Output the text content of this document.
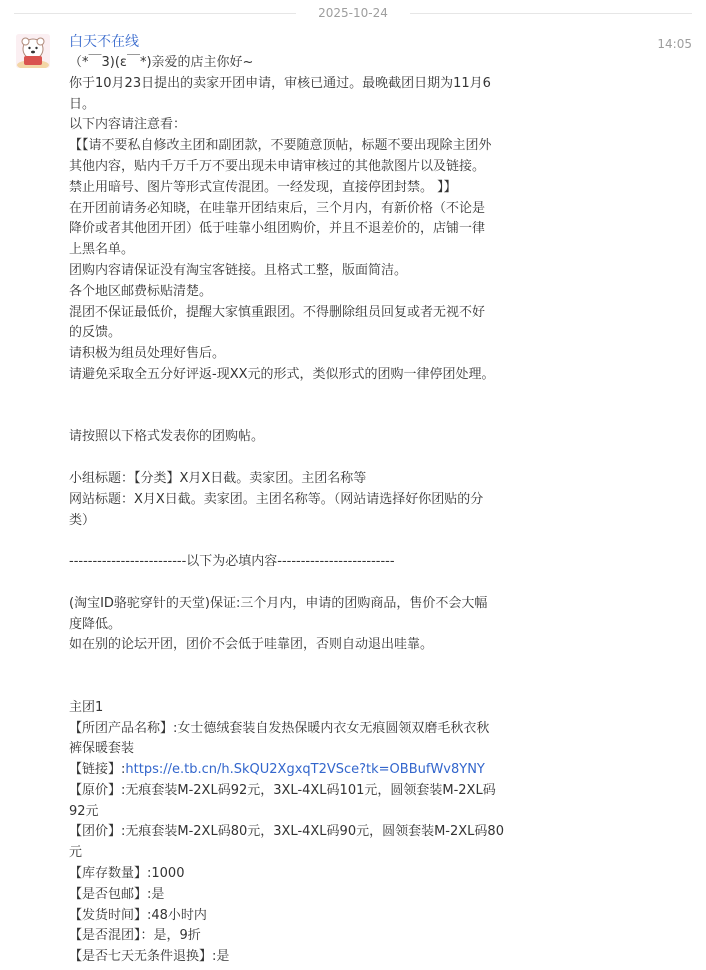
2025-10-24
白天不在线	14:05
（*￣3)(ε￣*)亲爱的店主你好~
你于10月23日提出的卖家开团申请，审核已通过。最晚截团日期为11月6
日。
以下内容请注意看：
【【请不要私自修改主团和副团款，不要随意顶帖，标题不要出现除主团外
其他内容，贴内千万千万不要出现未申请审核过的其他款图片以及链接。
禁止用暗号、图片等形式宣传混团。一经发现，直接停团封禁。 】】
在开团前请务必知晓，在哇靠开团结束后，三个月内，有新价格（不论是
降价或者其他团开团）低于哇靠小组团购价，并且不退差价的，店铺一律
上黑名单。
团购内容请保证没有淘宝客链接。且格式工整，版面简洁。
各个地区邮费标贴清楚。
混团不保证最低价，提醒大家慎重跟团。不得删除组员回复或者无视不好
的反馈。
请积极为组员处理好售后。
请避免采取全五分好评返-现XX元的形式，类似形式的团购一律停团处理。
请按照以下格式发表你的团购帖。
小组标题：【分类】X月X日截。卖家团。主团名称等
网站标题：X月X日截。卖家团。主团名称等。（网站请选择好你团贴的分
类）
-------------------------以下为必填内容-------------------------
(淘宝ID骆驼穿针的天堂)保证:三个月内，申请的团购商品，售价不会大幅
度降低。
如在别的论坛开团，团价不会低于哇靠团，否则自动退出哇靠。
主团1
【所团产品名称】:女士德绒套装自发热保暖内衣女无痕圆领双磨毛秋衣秋
裤保暖套装
【链接】:https://e.tb.cn/h.SkQU2XgxqT2VSce?tk=OBBufWv8YNY
【原价】:无痕套装M-2XL码92元，3XL-4XL码101元，圆领套装M-2XL码
92元
【团价】:无痕套装M-2XL码80元，3XL-4XL码90元，圆领套装M-2XL码80
元
【库存数量】:1000
【是否包邮】:是
【发货时间】:48小时内
【是否混团】：是，9折
【是否七天无条件退换】:是
